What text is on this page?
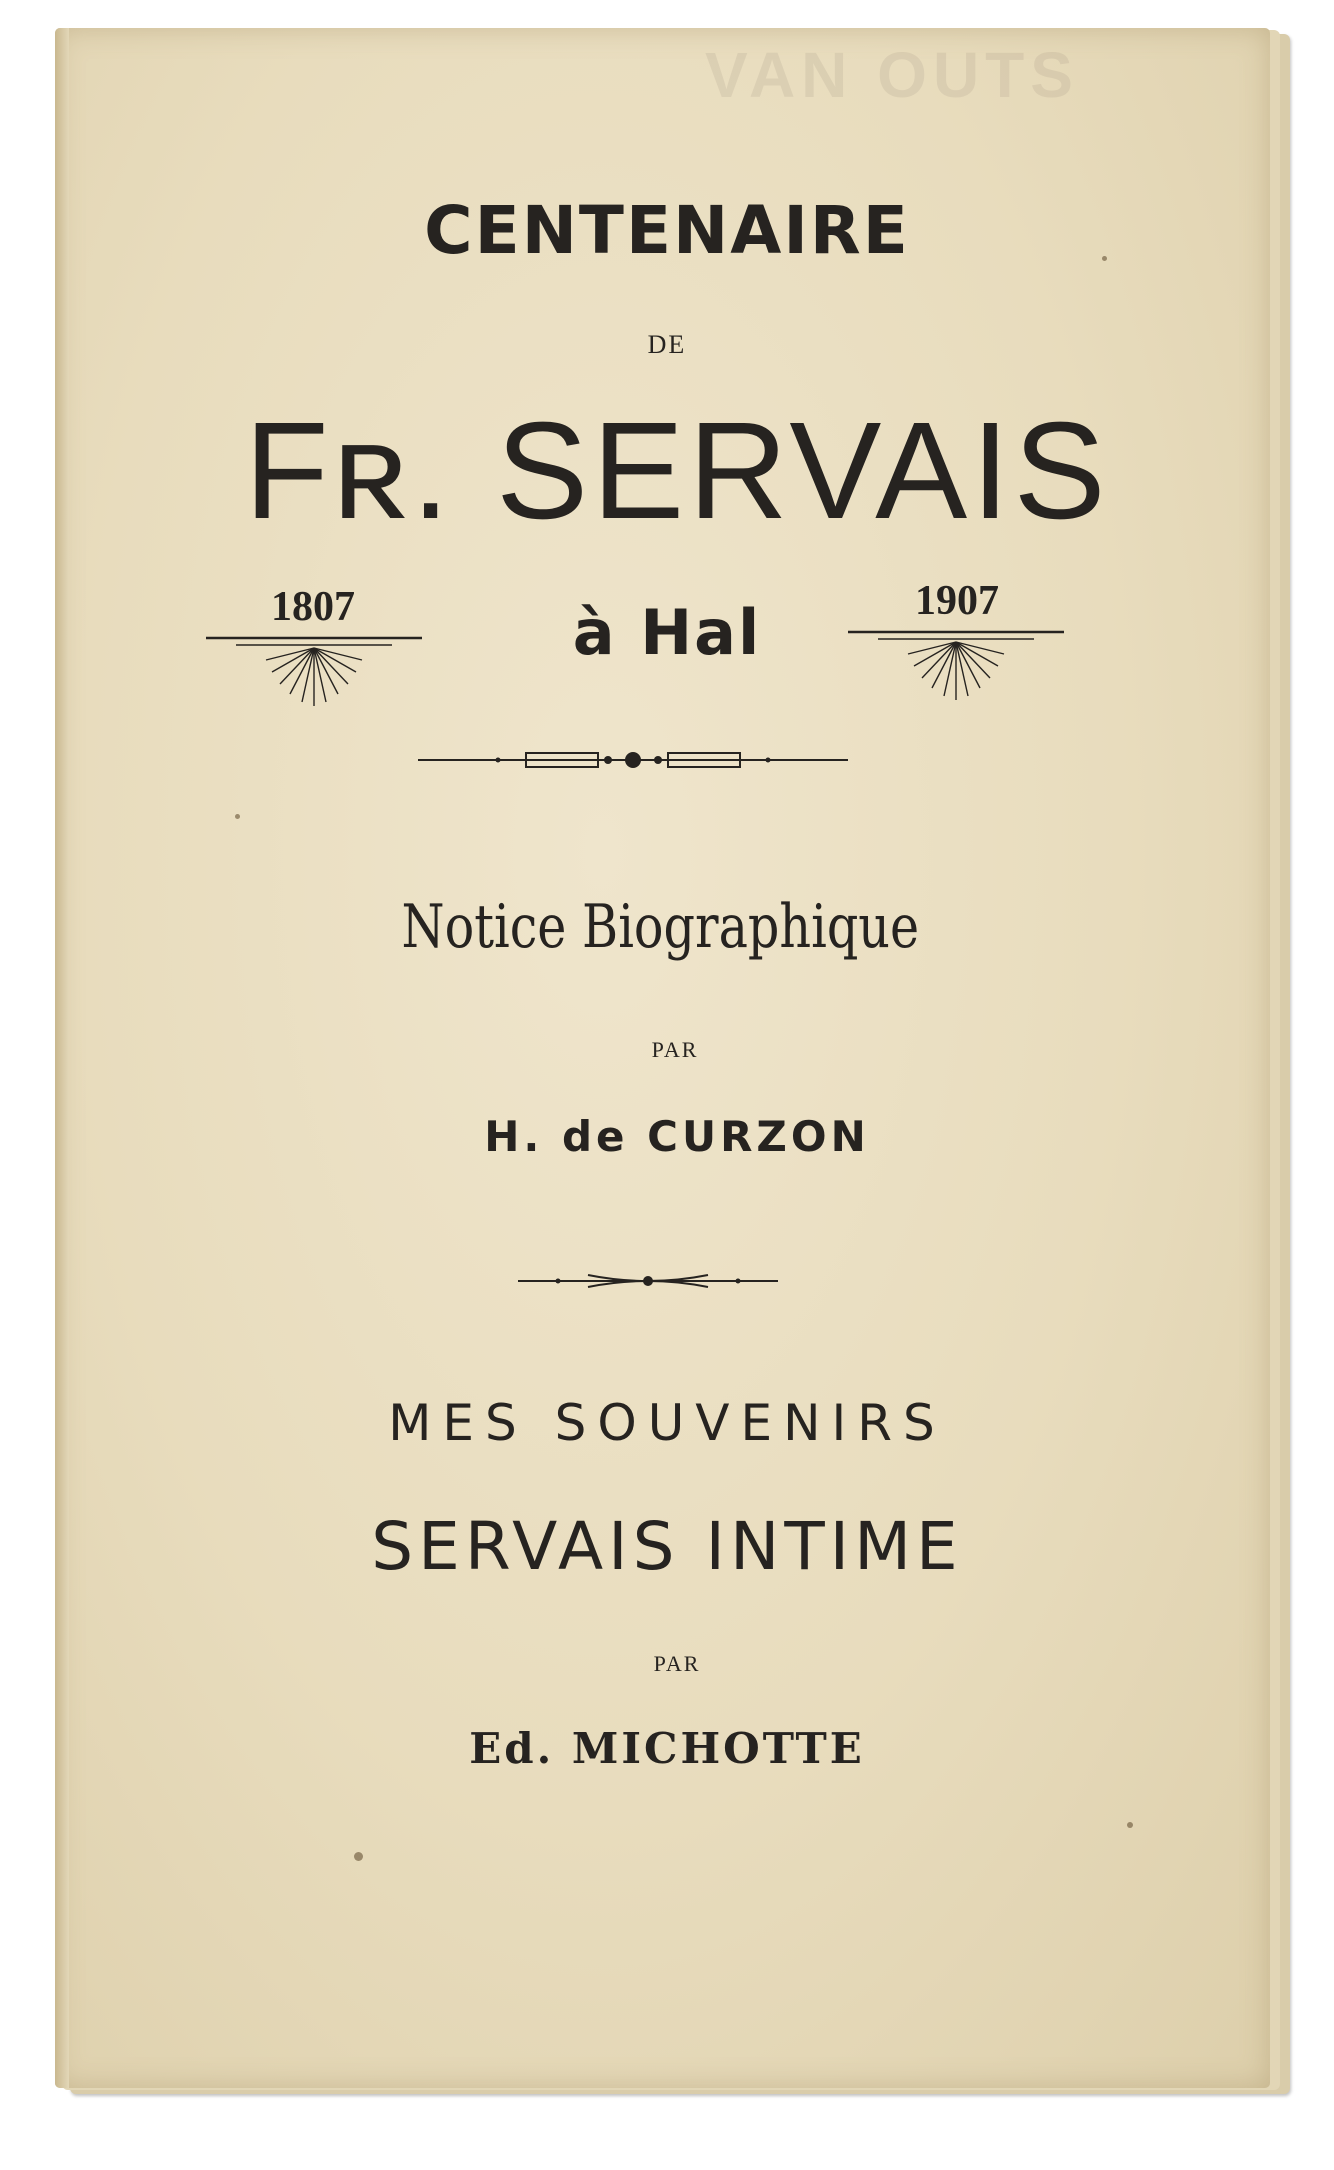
VAN OUTS
CENTENAIRE
DE
Fʀ. SERVAIS
1807	à Hal	1907
Notice Biographique
PAR
H. de CURZON
MES SOUVENIRS
SERVAIS INTIME
PAR
Ed. MICHOTTE
